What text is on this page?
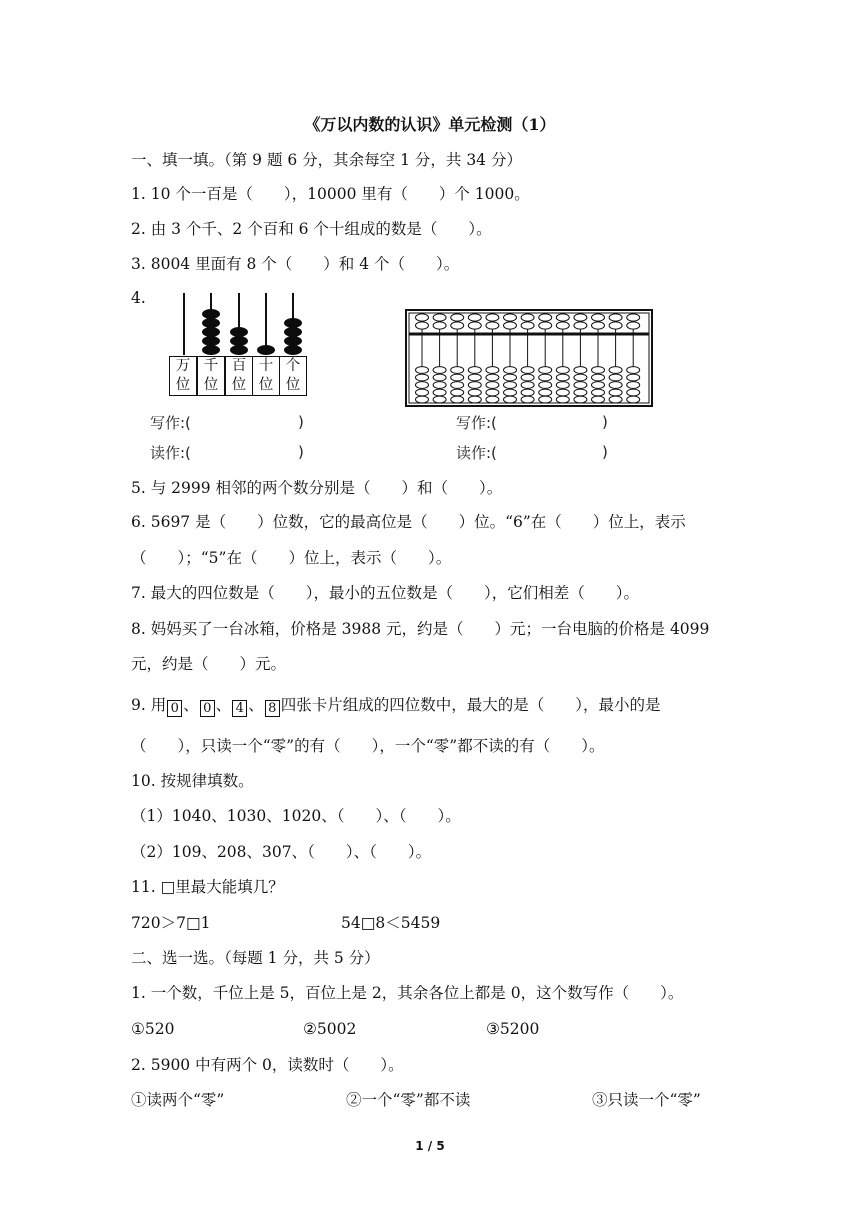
《万以内数的认识》单元检测（1）
一、填一填。（第 9 题 6 分，其余每空 1 分，共 34 分）
1. 10 个一百是（　　），10000 里有（　　）个 1000。
2. 由 3 个千、2 个百和 6 个十组成的数是（　　）。
3. 8004 里面有 8 个（　　）和 4 个（　　）。
4.
万
位
千
位
百
位
十
位
个
位
写作:(	)
读作:(	)
写作:(	)
读作:(	)
5. 与 2999 相邻的两个数分别是（　　）和（　　）。
6. 5697 是（　　）位数，它的最高位是（　　）位。“6”在（　　）位上，表示
（　　）；“5”在（　　）位上，表示（　　）。
7. 最大的四位数是（　　），最小的五位数是（　　），它们相差（　　）。
8. 妈妈买了一台冰箱，价格是 3988 元，约是（　　）元；一台电脑的价格是 4099
元，约是（　　）元。
9. 用 0 、 0 、 4 、 8 四张卡片组成的四位数中，最大的是（　　），最小的是
（　　），只读一个“零”的有（　　），一个“零”都不读的有（　　）。
10. 按规律填数。
（1）1040、1030、1020、（　　）、（　　）。
（2）109、208、307、（　　）、（　　）。
11. □里最大能填几？
720＞7□1	54□8＜5459
二、选一选。（每题 1 分，共 5 分）
1. 一个数，千位上是 5，百位上是 2，其余各位上都是 0，这个数写作（　　）。
①520	②5002	③5200
2. 5900 中有两个 0，读数时（　　）。
①读两个“零”	②一个“零”都不读	③只读一个“零”
1 / 5
